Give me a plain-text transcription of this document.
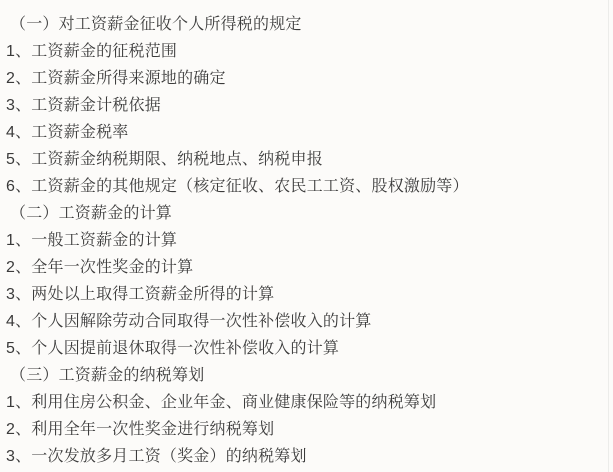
（一）对工资薪金征收个人所得税的规定
1、工资薪金的征税范围
2、工资薪金所得来源地的确定
3、工资薪金计税依据
4、工资薪金税率
5、工资薪金纳税期限、纳税地点、纳税申报
6、工资薪金的其他规定（核定征收、农民工工资、股权激励等）
（二）工资薪金的计算
1、一般工资薪金的计算
2、全年一次性奖金的计算
3、两处以上取得工资薪金所得的计算
4、个人因解除劳动合同取得一次性补偿收入的计算
5、个人因提前退休取得一次性补偿收入的计算
（三）工资薪金的纳税筹划
1、利用住房公积金、企业年金、商业健康保险等的纳税筹划
2、利用全年一次性奖金进行纳税筹划
3、一次发放多月工资（奖金）的纳税筹划
